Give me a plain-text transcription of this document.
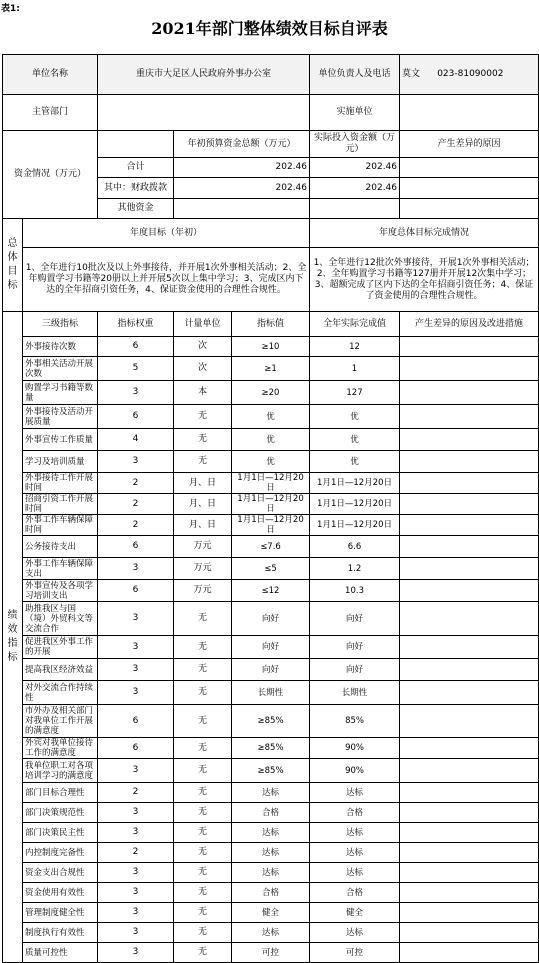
表1:
2021年部门整体绩效目标自评表
单位名称		重庆市大足区人民政府外事办公室			单位负责人及电话	莫文 023-81090002
主管部门					实施单位	
资金情况（万元）			年初预算资金总额（万元）		实际投入资金额（万元）	产生差异的原因
		合计	202.46		202.46	
		其中：财政拨款	202.46		202.46	
		其他资金				
总体目标	年度目标（年初）				年度总体目标完成情况	
	1、全年进行10批次及以上外事接待，并开展1次外事相关活动；2、全年购置学习书籍等20册以上并开展5次以上集中学习；3、完成区内下达的全年招商引资任务，4、保证资金使用的合理性合规性。				1、全年进行12批次外事接待，开展1次外事相关活动；2、全年购置学习书籍等127册并开展12次集中学习；3、超额完成了区内下达的全年招商引资任务；4、保证了资金使用的合理性合规性。	
绩效指标	三级指标	指标权重	计量单位	指标值	全年实际完成值	产生差异的原因及改进措施
	外事接待次数	6	次	≥10	12	
	外事相关活动开展次数	5	次	≥1	1	
	购置学习书籍等数量	3	本	≥20	127	
	外事接待及活动开展质量	6	无	优	优	
	外事宣传工作质量	4	无	优	优	
	学习及培训质量	3	无	优	优	
	外事接待工作开展时间	2	月、日	1月1日—12月20日	1月1日—12月20日	
	招商引资工作开展时间	2	月、日	1月1日—12月20日	1月1日—12月20日	
	外事工作车辆保障时间	2	月、日	1月1日—12月20日	1月1日—12月20日	
	公务接待支出	6	万元	≤7.6	6.6	
	外事工作车辆保障支出	3	万元	≤5	1.2	
	外事宣传及各项学习培训支出	6	万元	≤12	10.3	
	助推我区与国（境）外贸科文等交流合作	3	无	向好	向好	
	促进我区外事工作的开展	3	无	向好	向好	
	提高我区经济效益	3	无	向好	向好	
	对外交流合作持续性	3	无	长期性	长期性	
	市外办及相关部门对我单位工作开展的满意度	6	无	≥85%	85%	
	外宾对我单位接待工作的满意度	6	无	≥85%	90%	
	我单位职工对各项培训学习的满意度	3	无	≥85%	90%	
	部门目标合理性	2	无	达标	达标	
	部门决策规范性	3	无	合格	合格	
	部门决策民主性	3	无	达标	达标	
	内控制度完备性	2	无	达标	达标	
	资金支出合规性	3	无	达标	达标	
	资金使用有效性	3	无	合格	合格	
	管理制度健全性	3	无	健全	健全	
	制度执行有效性	3	无	达标	达标	
	质量可控性	3	无	可控	可控	
